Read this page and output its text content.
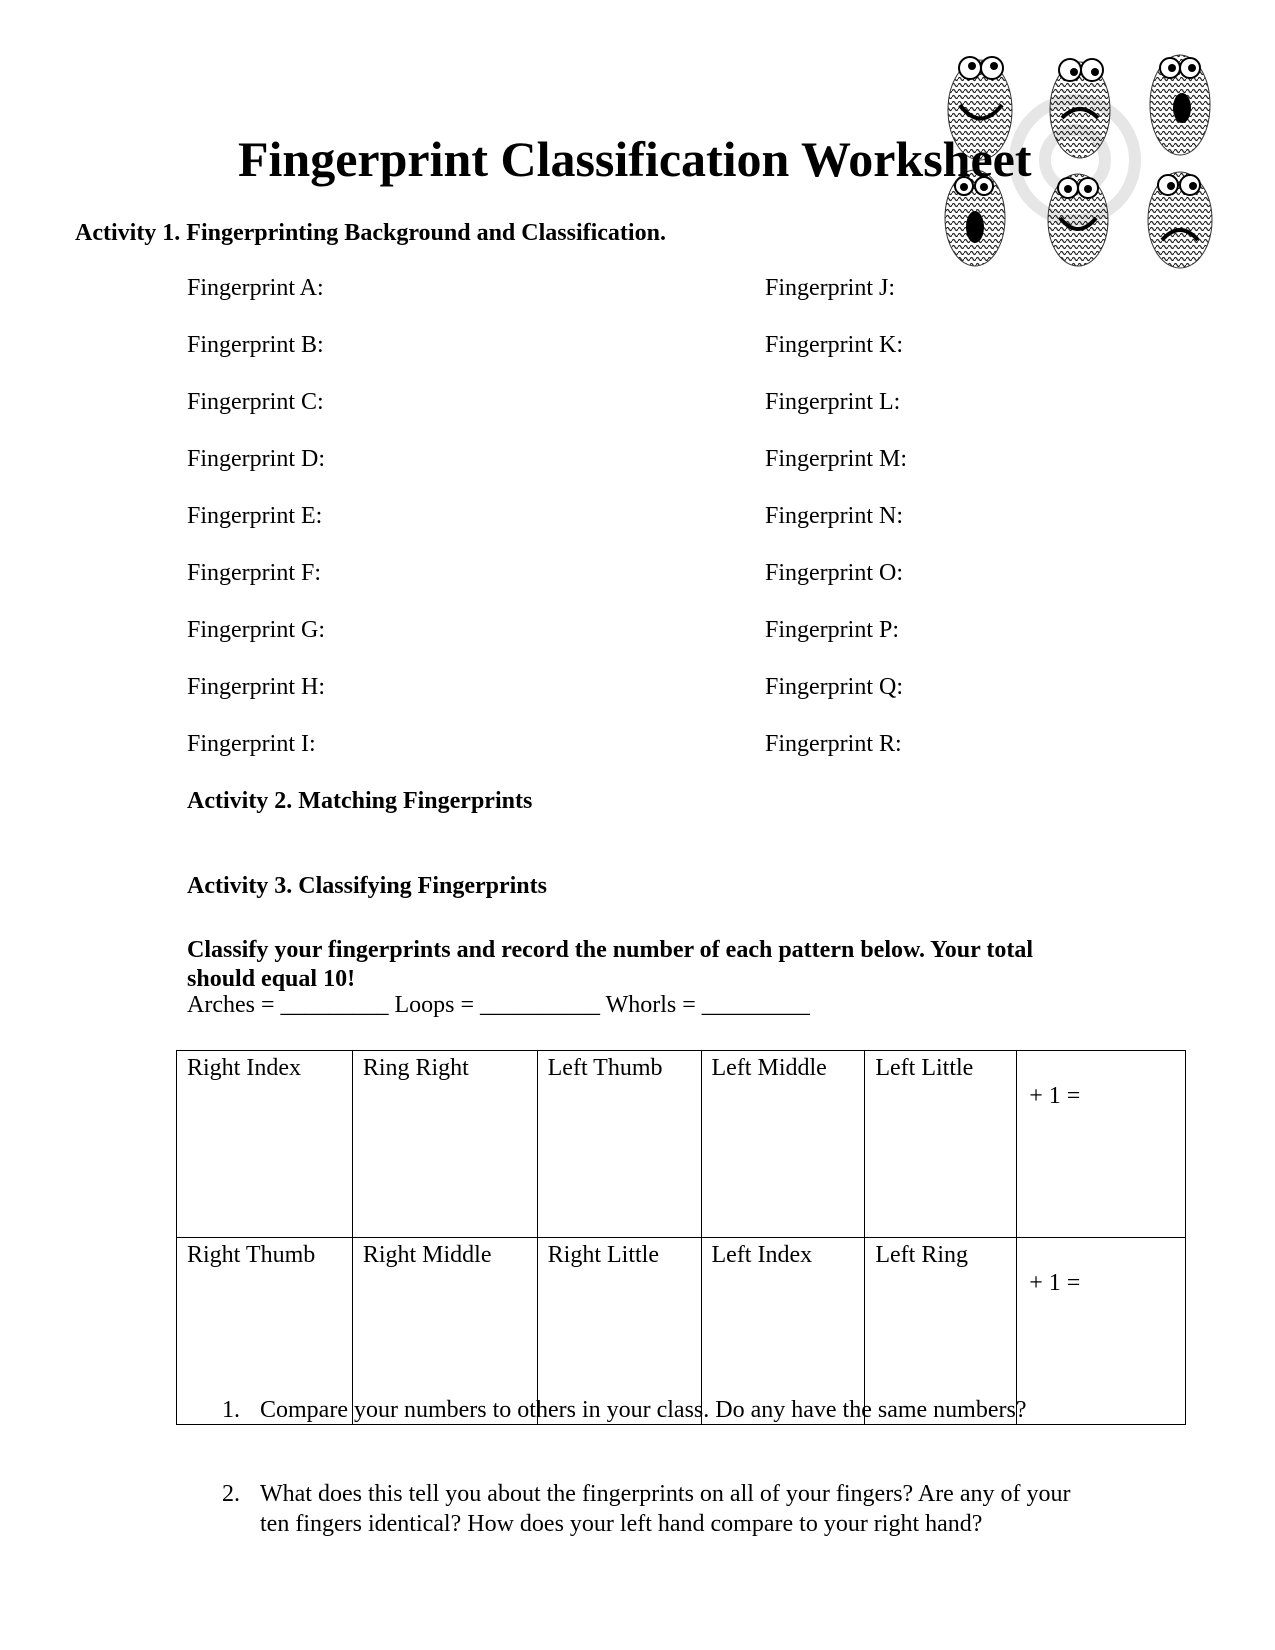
Fingerprint Classification Worksheet
Activity 1. Fingerprinting Background and Classification.
Fingerprint A:
Fingerprint B:
Fingerprint C:
Fingerprint D:
Fingerprint E:
Fingerprint F:
Fingerprint G:
Fingerprint H:
Fingerprint I:
Fingerprint J:
Fingerprint K:
Fingerprint L:
Fingerprint M:
Fingerprint N:
Fingerprint O:
Fingerprint P:
Fingerprint Q:
Fingerprint R:
Activity 2. Matching Fingerprints
Activity 3. Classifying Fingerprints
Classify your fingerprints and record the number of each pattern below. Your total should equal 10!
Arches = _________ Loops = __________ Whorls = _________
Right Index	Ring Right	Left Thumb	Left Middle	Left Little	+ 1 =
Right Thumb	Right Middle	Right Little	Left Index	Left Ring	+ 1 =
1. Compare your numbers to others in your class. Do any have the same numbers?
2. What does this tell you about the fingerprints on all of your fingers? Are any of your ten fingers identical? How does your left hand compare to your right hand?
